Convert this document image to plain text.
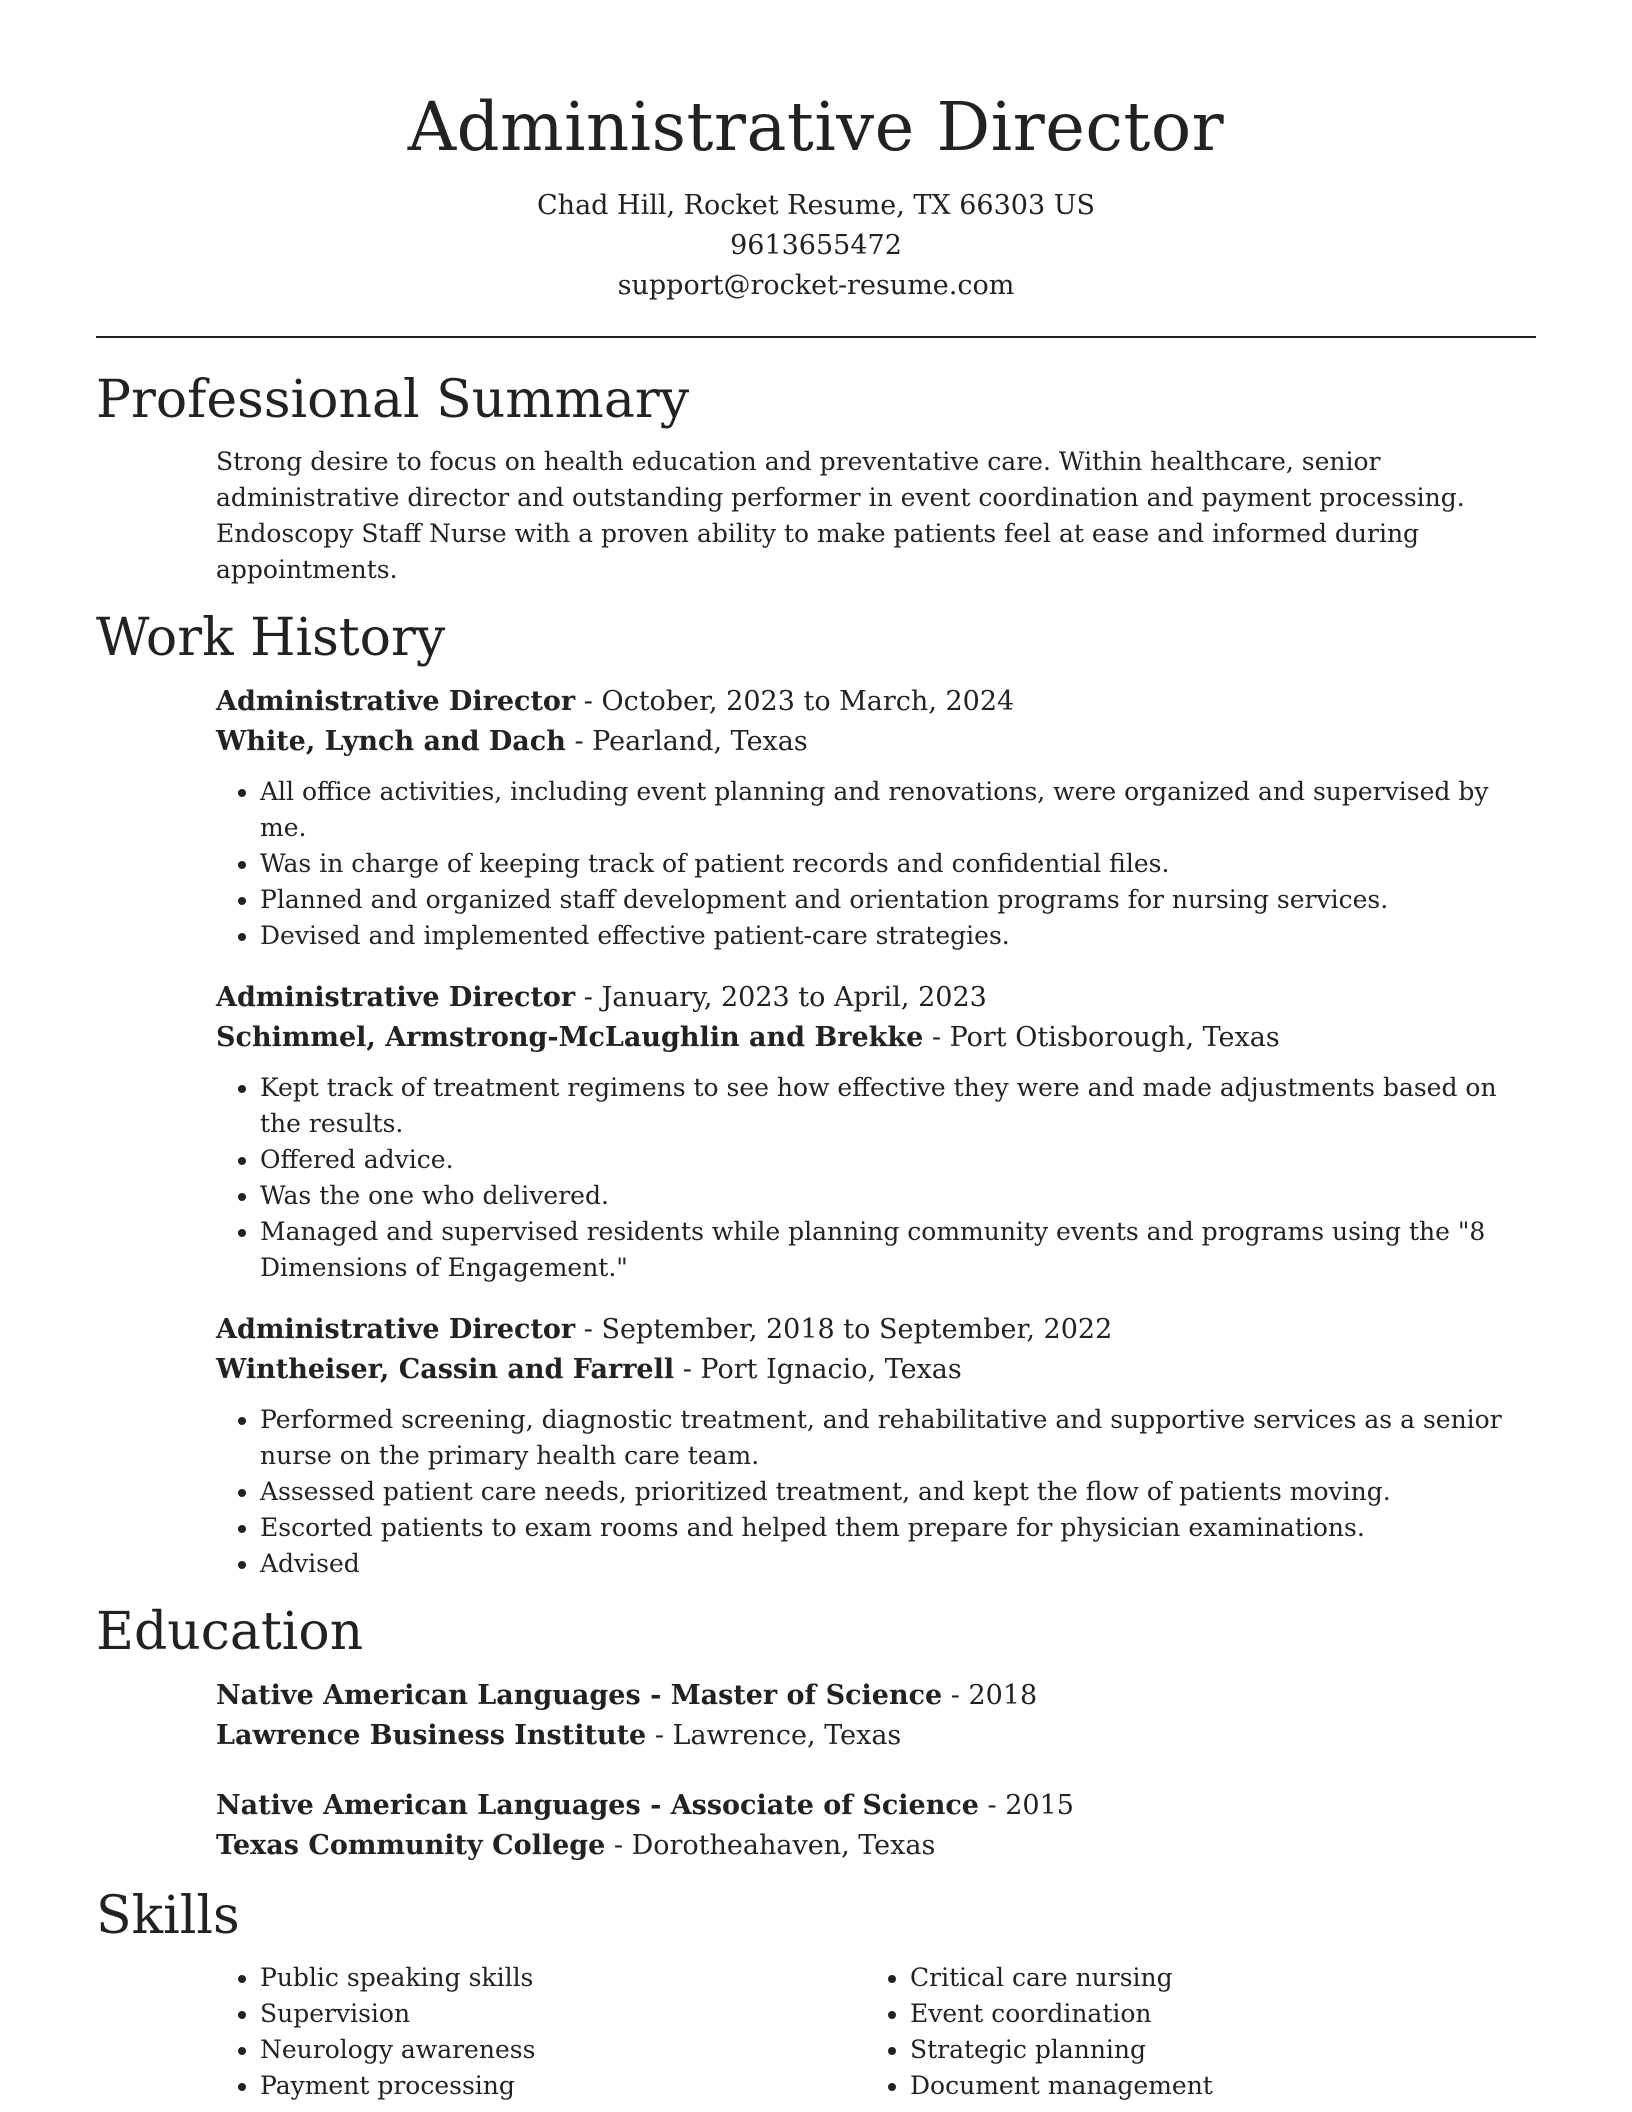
Administrative Director

Chad Hill, Rocket Resume, TX 66303 US

9613655472

support@rocket-resume.com

Professional Summary

Strong desire to focus on health education and preventative care. Within healthcare, senior administrative director and outstanding performer in event coordination and payment processing. Endoscopy Staff Nurse with a proven ability to make patients feel at ease and informed during appointments.

Work History

Administrative Director - October, 2023 to March, 2024

White, Lynch and Dach - Pearland, Texas

• All office activities, including event planning and renovations, were organized and supervised by me.
• Was in charge of keeping track of patient records and confidential files.
• Planned and organized staff development and orientation programs for nursing services.
• Devised and implemented effective patient-care strategies.

Administrative Director - January, 2023 to April, 2023

Schimmel, Armstrong-McLaughlin and Brekke - Port Otisborough, Texas

• Kept track of treatment regimens to see how effective they were and made adjustments based on the results.
• Offered advice.
• Was the one who delivered.
• Managed and supervised residents while planning community events and programs using the "8 Dimensions of Engagement."

Administrative Director - September, 2018 to September, 2022

Wintheiser, Cassin and Farrell - Port Ignacio, Texas

• Performed screening, diagnostic treatment, and rehabilitative and supportive services as a senior nurse on the primary health care team.
• Assessed patient care needs, prioritized treatment, and kept the flow of patients moving.
• Escorted patients to exam rooms and helped them prepare for physician examinations.
• Advised
Education

Native American Languages - Master of Science - 2018

Lawrence Business Institute - Lawrence, Texas

Native American Languages - Associate of Science - 2015

Texas Community College - Dorotheahaven, Texas

Skills
• Public speaking skills
• Supervision
• Neurology awareness
• Payment processing
• Critical care nursing
• Event coordination
• Strategic planning
• Document management
